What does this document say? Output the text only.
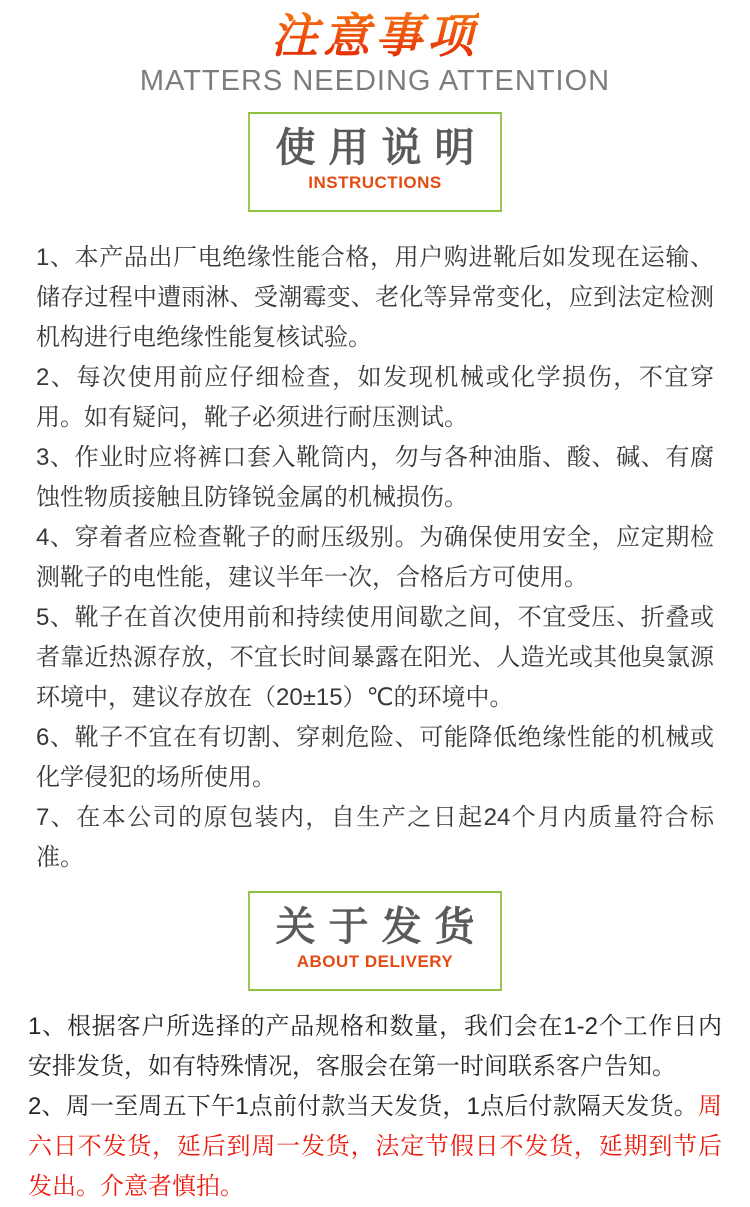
注意事项
MATTERS NEEDING ATTENTION
使用说明
INSTRUCTIONS

1、本产品出厂电绝缘性能合格，用户购进靴后如发现在运输、储存过程中遭雨淋、受潮霉变、老化等异常变化，应到法定检测机构进行电绝缘性能复核试验。

2、每次使用前应仔细检查，如发现机械或化学损伤，不宜穿用。如有疑问，靴子必须进行耐压测试。

3、作业时应将裤口套入靴筒内，勿与各种油脂、酸、碱、有腐蚀性物质接触且防锋锐金属的机械损伤。

4、穿着者应检查靴子的耐压级别。为确保使用安全，应定期检测靴子的电性能，建议半年一次，合格后方可使用。

5、靴子在首次使用前和持续使用间歇之间，不宜受压、折叠或者靠近热源存放，不宜长时间暴露在阳光、人造光或其他臭氯源环境中，建议存放在（20±15）℃的环境中。

6、靴子不宜在有切割、穿刺危险、可能降低绝缘性能的机械或化学侵犯的场所使用。

7、在本公司的原包装内，自生产之日起24个月内质量符合标准。

关于发货
ABOUT DELIVERY

1、根据客户所选择的产品规格和数量，我们会在1-2个工作日内安排发货，如有特殊情况，客服会在第一时间联系客户告知。

2、周一至周五下午1点前付款当天发货，1点后付款隔天发货。周六日不发货，延后到周一发货，法定节假日不发货，延期到节后发出。介意者慎拍。
